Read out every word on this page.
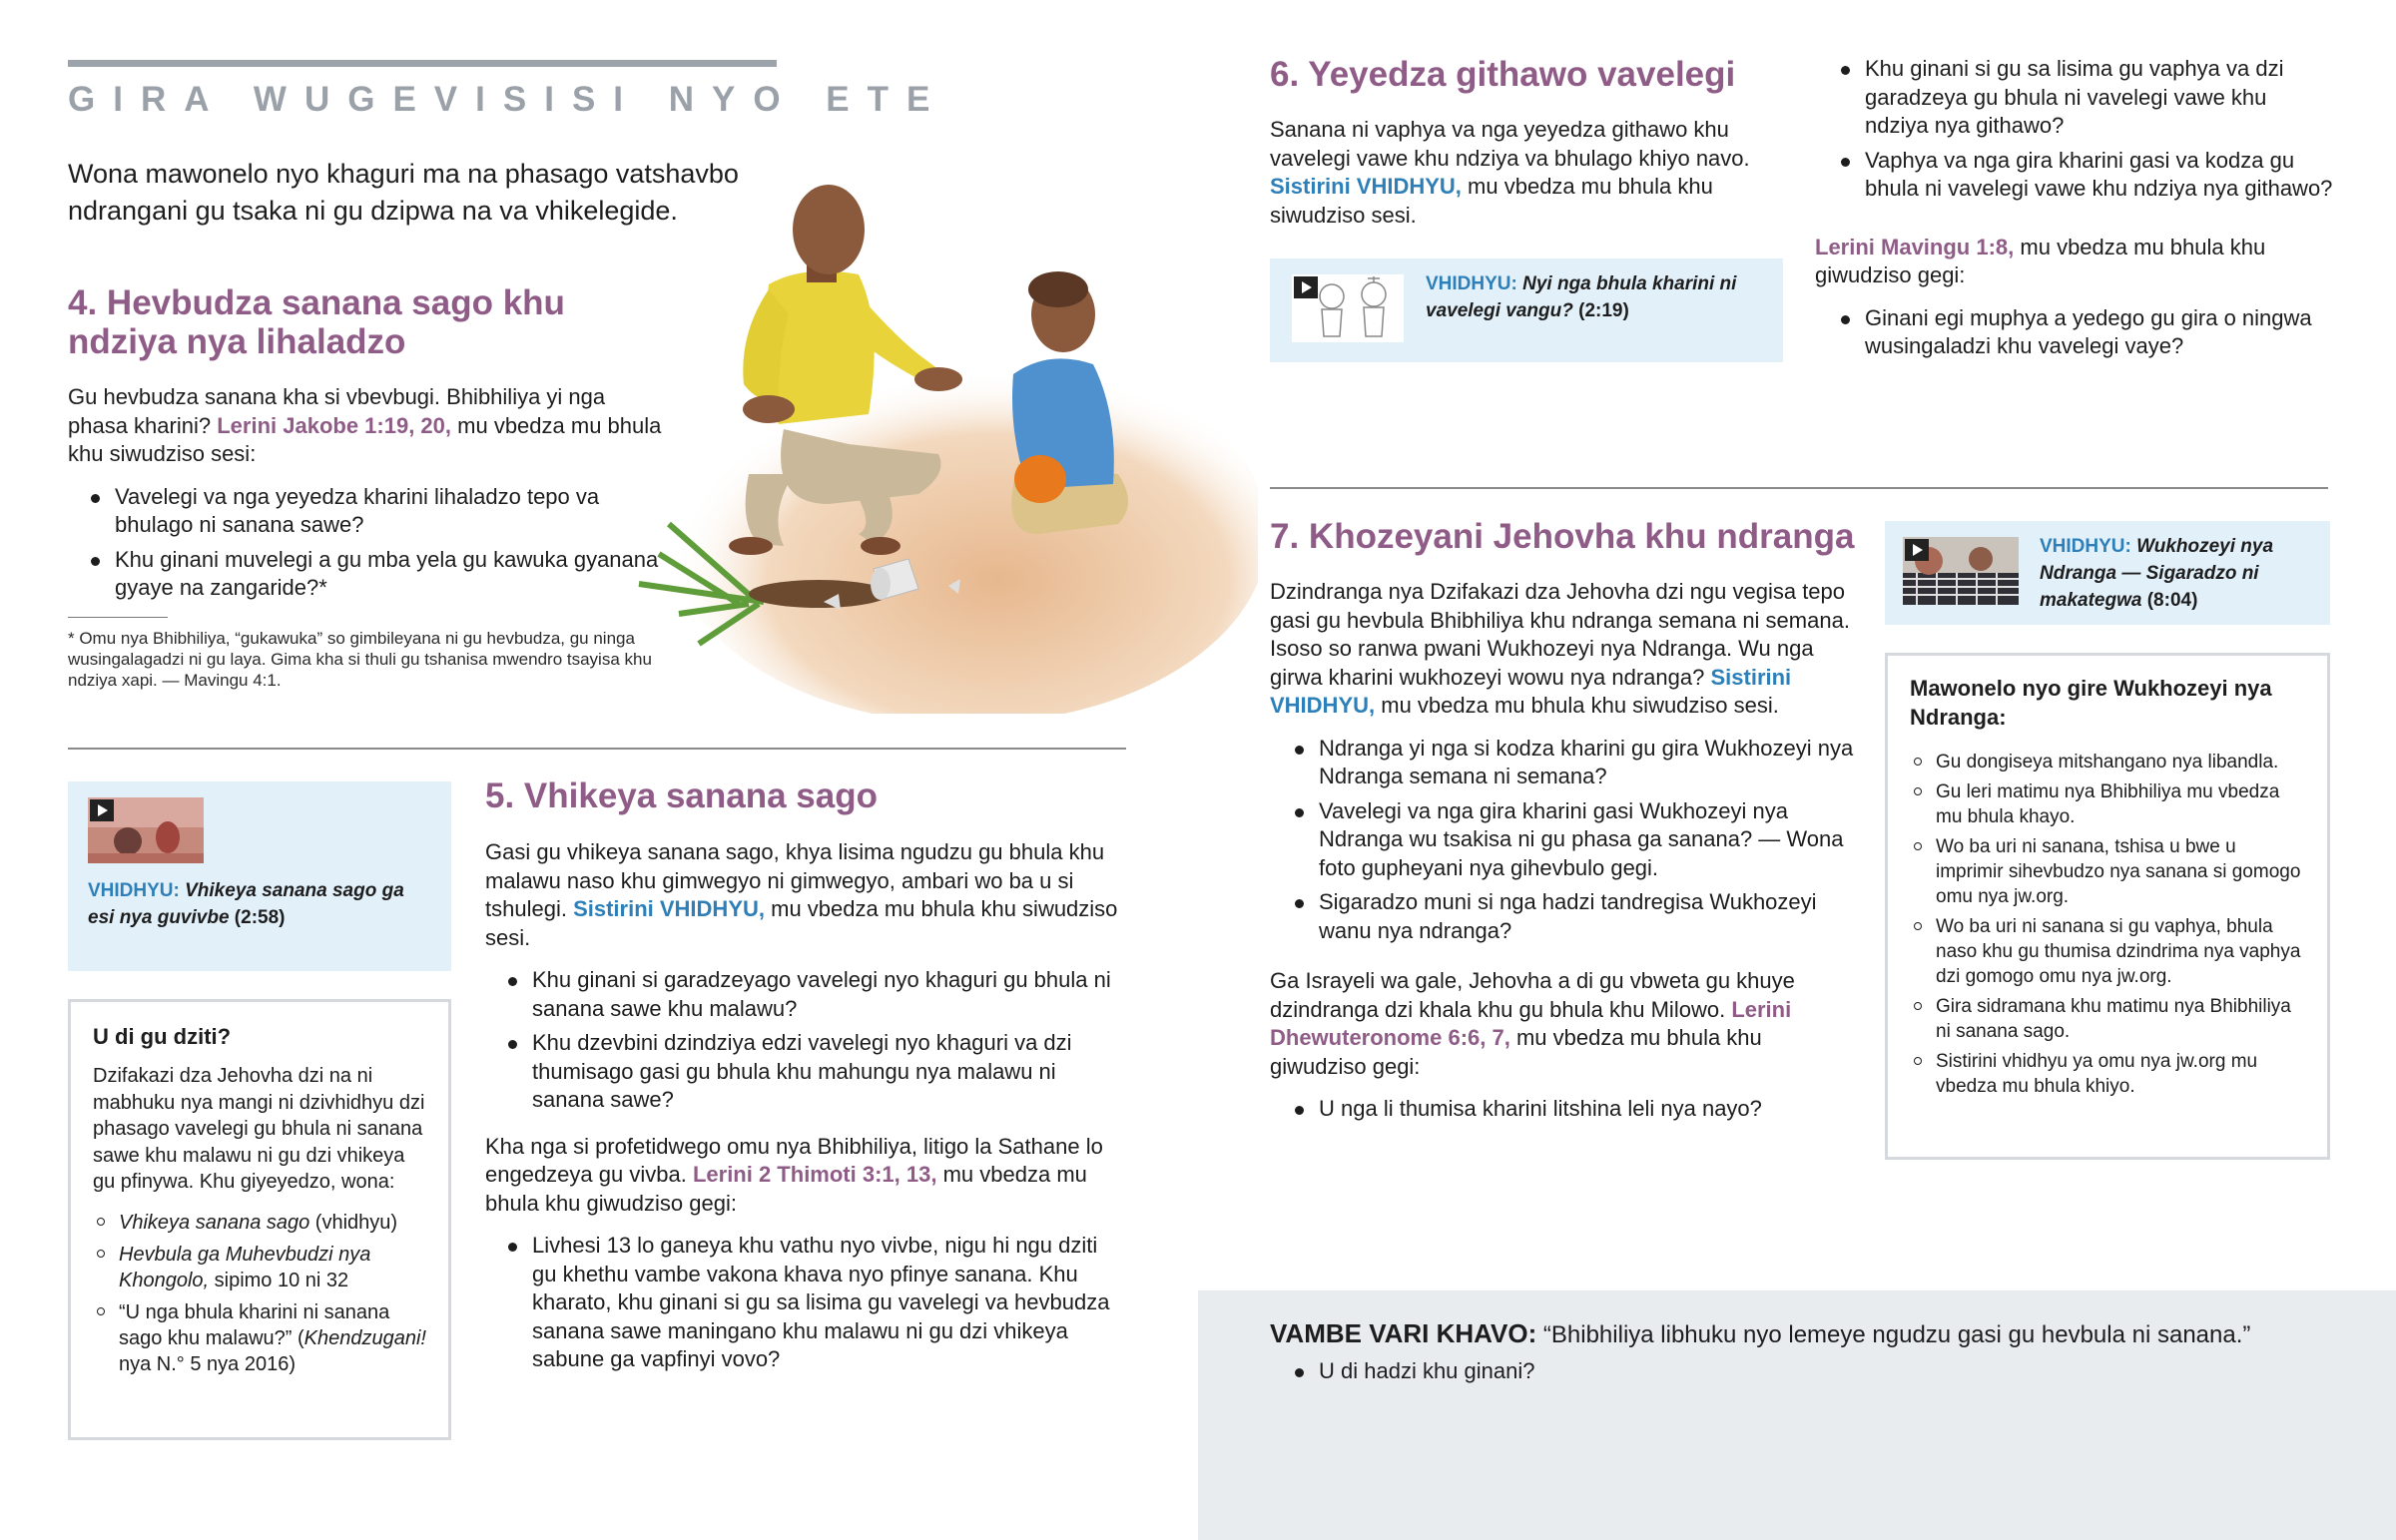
GIRA WUGEVISISI NYO ETE
Wona mawonelo nyo khaguri ma na phasago vatshavbo ndrangani gu tsaka ni gu dzipwa na va vhikelegide.
4. Hevbudza sanana sago khu ndziya nya lihaladzo

Gu hevbudza sanana kha si vbevbugi. Bhibhiliya yi nga phasa kharini? Lerini Jakobe 1:19, 20, mu vbedza mu bhula khu siwudziso sesi:

Vavelegi va nga yeyedza kharini lihaladzo tepo va bhulago ni sanana sawe?
Khu ginani muvelegi a gu mba yela gu kawuka gyanana gyaye na zangaride?*

* Omu nya Bhibhiliya, “gukawuka” so gimbileyana ni gu hevbudza, gu ninga wusingalagadzi ni gu laya. Gima kha si thuli gu tshanisa mwendro tsayisa khu ndziya xapi. — Mavingu 4:1.

VHIDHYU: Vhikeya sanana sago ga esi nya guvivbe (2:58)
U di gu dziti?

Dzifakazi dza Jehovha dzi na ni mabhuku nya mangi ni dzivhidhyu dzi phasago vavelegi gu bhula ni sanana sawe khu malawu ni gu dzi vhikeya gu pfinywa. Khu giyeyedzo, wona:

Vhikeya sanana sago (vhidhyu)
Hevbula ga Muhevbudzi nya Khongolo, sipimo 10 ni 32
“U nga bhula kharini ni sanana sago khu malawu?” (Khendzugani! nya N.° 5 nya 2016)
5. Vhikeya sanana sago

Gasi gu vhikeya sanana sago, khya lisima ngudzu gu bhula khu malawu naso khu gimwegyo ni gimwegyo, ambari wo ba u si tshulegi. Sistirini VHIDHYU, mu vbedza mu bhula khu siwudziso sesi.

Khu ginani si garadzeyago vavelegi nyo khaguri gu bhula ni sanana sawe khu malawu?
Khu dzevbini dzindziya edzi vavelegi nyo khaguri va dzi thumisago gasi gu bhula khu mahungu nya malawu ni sanana sawe?

Kha nga si profetidwego omu nya Bhibhiliya, litigo la Sathane lo engedzeya gu vivba. Lerini 2 Thimoti 3:1, 13, mu vbedza mu bhula khu giwudziso gegi:

Livhesi 13 lo ganeya khu vathu nyo vivbe, nigu hi ngu dziti gu khethu vambe vakona khava nyo pfinye sanana. Khu kharato, khu ginani si gu sa lisima gu vavelegi va hevbudza sanana sawe maningano khu malawu ni gu dzi vhikeya sabune ga vapfinyi vovo?
6. Yeyedza githawo vavelegi

Sanana ni vaphya va nga yeyedza githawo khu vavelegi vawe khu ndziya va bhulago khiyo navo. Sistirini VHIDHYU, mu vbedza mu bhula khu siwudziso sesi.

VHIDHYU: Nyi nga bhula kharini ni vavelegi vangu? (2:19)
Khu ginani si gu sa lisima gu vaphya va dzi garadzeya gu bhula ni vavelegi vawe khu ndziya nya githawo?
Vaphya va nga gira kharini gasi va kodza gu bhula ni vavelegi vawe khu ndziya nya githawo?

Lerini Mavingu 1:8, mu vbedza mu bhula khu giwudziso gegi:

Ginani egi muphya a yedego gu gira o ningwa wusingaladzi khu vavelegi vaye?
7. Khozeyani Jehovha khu ndranga

Dzindranga nya Dzifakazi dza Jehovha dzi ngu vegisa tepo gasi gu hevbula Bhibhiliya khu ndranga semana ni semana. Isoso so ranwa pwani Wukhozeyi nya Ndranga. Wu nga girwa kharini wukhozeyi wowu nya ndranga? Sistirini VHIDHYU, mu vbedza mu bhula khu siwudziso sesi.

Ndranga yi nga si kodza kharini gu gira Wukhozeyi nya Ndranga semana ni semana?
Vavelegi va nga gira kharini gasi Wukhozeyi nya Ndranga wu tsakisa ni gu phasa ga sanana? — Wona foto gupheyani nya gihevbulo gegi.
Sigaradzo muni si nga hadzi tandregisa Wukhozeyi wanu nya ndranga?

Ga Israyeli wa gale, Jehovha a di gu vbweta gu khuye dzindranga dzi khala khu gu bhula khu Milowo. Lerini Dhewuteronome 6:6, 7, mu vbedza mu bhula khu giwudziso gegi:

U nga li thumisa kharini litshina leli nya nayo?
VHIDHYU: Wukhozeyi nya Ndranga — Sigaradzo ni makategwa (8:04)
Mawonelo nyo gire Wukhozeyi nya Ndranga:
Gu dongiseya mitshangano nya libandla.
Gu leri matimu nya Bhibhiliya mu vbedza mu bhula khayo.
Wo ba uri ni sanana, tshisa u bwe u imprimir sihevbudzo nya sanana si gomogo omu nya jw.org.
Wo ba uri ni sanana si gu vaphya, bhula naso khu gu thumisa dzindrima nya vaphya dzi gomogo omu nya jw.org.
Gira sidramana khu matimu nya Bhibhiliya ni sanana sago.
Sistirini vhidhyu ya omu nya jw.org mu vbedza mu bhula khiyo.

VAMBE VARI KHAVO: “Bhibhiliya libhuku nyo lemeye ngudzu gasi gu hevbula ni sanana.”

U di hadzi khu ginani?
